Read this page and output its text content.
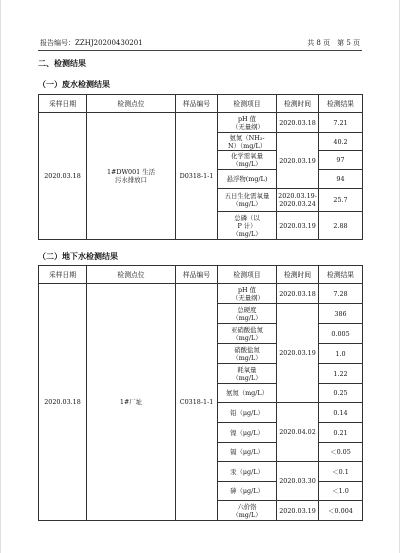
报告编号：ZZHJ20200430201	共 8 页　第 5 页
二、检测结果
（一）废水检测结果
采样日期	检测点位	样品编号	检测项目	检测时间	检测结果
2020.03.18	1#DW001 生活污水排放口	D0318-1-1	pH 值（无量纲）	2020.03.18	7.21
			氨氮（NH₃-N）（mg/L）	2020.03.19	40.2
			化学需氧量（mg/L）		97
			悬浮物(mg/L)		94
			五日生化需氧量（mg/L）	2020.03.19-2020.03.24	25.7
			总磷（以 P 计）（mg/L）	2020.03.19	2.88
（二）地下水检测结果
采样日期	检测点位	样品编号	检测项目	检测时间	检测结果
2020.03.18	1#厂址	C0318-1-1	pH 值（无量纲）	2020.03.18	7.28
			总硬度（mg/L）	2020.03.19	386
			亚硝酸盐氮（mg/L）		0.005
			硝酸盐氮（mg/L）		1.0
			耗氧量（mg/L）		1.22
			氨氮（mg/L）		0.25
			铅（μg/L）	2020.04.02	0.14
			镍（μg/L）		0.21
			镉（μg/L）		＜0.05
			汞（μg/L）	2020.03.30	＜0.1
			砷（μg/L）		＜1.0
			六价铬（mg/L）	2020.03.19	＜0.004
